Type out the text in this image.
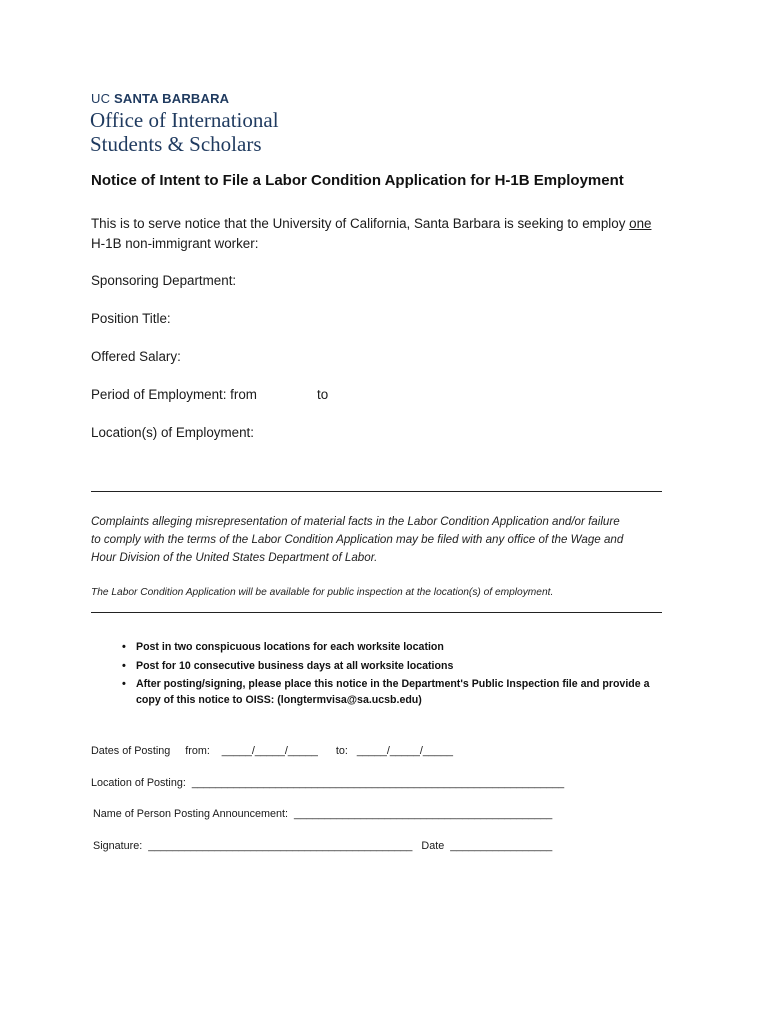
UC SANTA BARBARA
Office of International
Students & Scholars
Notice of Intent to File a Labor Condition Application for H-1B Employment
This is to serve notice that the University of California, Santa Barbara is seeking to employ one
H-1B non-immigrant worker:
Sponsoring Department:
Position Title:
Offered Salary:
Period of Employment: from	to
Location(s) of Employment:
Complaints alleging misrepresentation of material facts in the Labor Condition Application and/or failure
to comply with the terms of the Labor Condition Application may be filed with any office of the Wage and
Hour Division of the United States Department of Labor.
The Labor Condition Application will be available for public inspection at the location(s) of employment.
• Post in two conspicuous locations for each worksite location
• Post for 10 consecutive business days at all worksite locations
• After posting/signing, please place this notice in the Department's Public Inspection file and provide a
copy of this notice to OISS: (longtermvisa@sa.ucsb.edu)
Dates of Posting     from:    _____/_____/_____      to:   _____/_____/_____
Location of Posting:  ______________________________________________________________
Name of Person Posting Announcement:  ___________________________________________
Signature:  ____________________________________________   Date  _________________
